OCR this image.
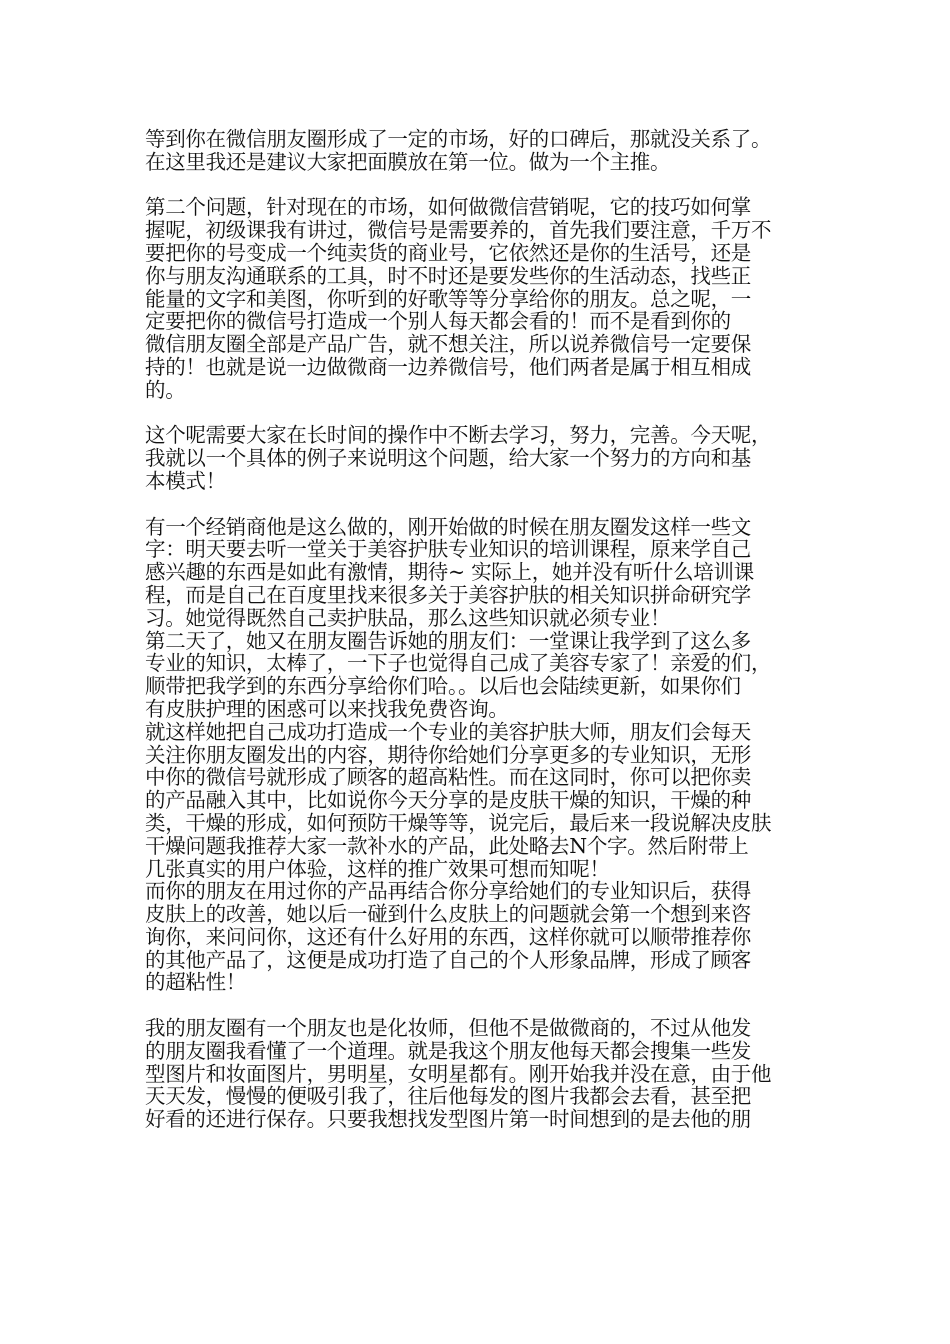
等到你在微信朋友圈形成了一定的市场，好的口碑后，那就没关系了。
在这里我还是建议大家把面膜放在第一位。做为一个主推。

第二个问题，针对现在的市场，如何做微信营销呢，它的技巧如何掌
握呢，初级课我有讲过，微信号是需要养的，首先我们要注意，千万不
要把你的号变成一个纯卖货的商业号，它依然还是你的生活号，还是
你与朋友沟通联系的工具，时不时还是要发些你的生活动态，找些正
能量的文字和美图，你听到的好歌等等分享给你的朋友。总之呢，一
定要把你的微信号打造成一个别人每天都会看的！而不是看到你的
微信朋友圈全部是产品广告，就不想关注，所以说养微信号一定要保
持的！也就是说一边做微商一边养微信号，他们两者是属于相互相成
的。

这个呢需要大家在长时间的操作中不断去学习，努力，完善。今天呢，
我就以一个具体的例子来说明这个问题，给大家一个努力的方向和基
本模式！

有一个经销商他是这么做的，刚开始做的时候在朋友圈发这样一些文
字：明天要去听一堂关于美容护肤专业知识的培训课程，原来学自己
感兴趣的东西是如此有激情，期待~ 实际上，她并没有听什么培训课
程，而是自己在百度里找来很多关于美容护肤的相关知识拼命研究学
习。她觉得既然自己卖护肤品，那么这些知识就必须专业！
第二天了，她又在朋友圈告诉她的朋友们：一堂课让我学到了这么多
专业的知识，太棒了，一下子也觉得自己成了美容专家了！亲爱的们，
顺带把我学到的东西分享给你们哈。。以后也会陆续更新，如果你们
有皮肤护理的困惑可以来找我免费咨询。
就这样她把自己成功打造成一个专业的美容护肤大师，朋友们会每天
关注你朋友圈发出的内容，期待你给她们分享更多的专业知识，无形
中你的微信号就形成了顾客的超高粘性。而在这同时，你可以把你卖
的产品融入其中，比如说你今天分享的是皮肤干燥的知识，干燥的种
类，干燥的形成，如何预防干燥等等，说完后，最后来一段说解决皮肤
干燥问题我推荐大家一款补水的产品，此处略去N个字。然后附带上
几张真实的用户体验，这样的推广效果可想而知呢！
而你的朋友在用过你的产品再结合你分享给她们的专业知识后，获得
皮肤上的改善，她以后一碰到什么皮肤上的问题就会第一个想到来咨
询你，来问问你，这还有什么好用的东西，这样你就可以顺带推荐你
的其他产品了，这便是成功打造了自己的个人形象品牌，形成了顾客
的超粘性！

我的朋友圈有一个朋友也是化妆师，但他不是做微商的，不过从他发
的朋友圈我看懂了一个道理。就是我这个朋友他每天都会搜集一些发
型图片和妆面图片，男明星，女明星都有。刚开始我并没在意，由于他
天天发，慢慢的便吸引我了，往后他每发的图片我都会去看，甚至把
好看的还进行保存。只要我想找发型图片第一时间想到的是去他的朋
